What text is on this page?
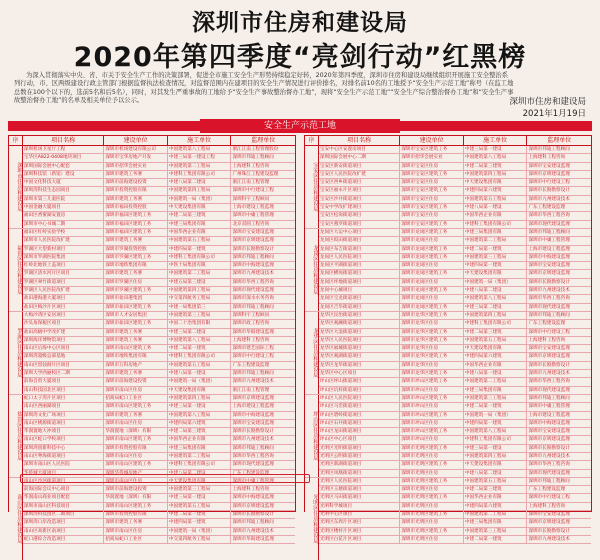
深圳市住房和建设局
2020年第四季度“亮剑行动”红黑榜
为深入贯彻落实中央、省、市关于安全生产工作的决策部署，促进全市施工安全生产形势持续稳定好转，2020年第四季度，深圳市住房和建设局继续组织开展施工安全整治系列行动，市、区两级建设行政主管部门根据监督执法检查情况，对监督范围内在建项目的安全生产情况进行评价排名，对排名前10名的工地授予“安全生产示范工地”称号（在监工地总数在100个以下的，选前5名和后5名），同时，对其发生严重事故的工地给予“安全生产事故整治督办工地”，现将“安全生产示范工地”“安全生产综合整治督办工地”和“安全生产事故整治督办工地”的名单及相关单位予以公示。	深圳市住房和建设局
2021年1月19日
安全生产示范工地
序	项目名称	建设单位	施工单位	监理单位
深圳机场卫星厅工程	深圳市机场建设有限公司	中国建筑第八工程局	浙江江南工程管理股份
宝华区A822-0408地块项目	深圳市宝华房地产开发	中建三局第一建设工程	深圳市邦迪工程顾问
深圳国际会展中心配套	深圳市招华会展实业	中国建筑第二工程局	上海建科工程咨询
深圳科技馆（新馆）建设	深圳市建筑工务署	中建科工集团有限公司	广州珠江工程建设监理
中国文化科技大厦	深圳市前海建设投资	中建八局第二建设	浙江江南工程管理
深圳湾科技生态园项目	深圳市投资控股有限	中国建筑第四工程局	深圳市中行建设工程
深圳市第三儿童医院	深圳市建筑工务署	中国建筑一局（集团）	深圳科宇工程顾问
中国金融大厦项目	深圳市福田投资控股	中天建设集团有限	上海市建设工程监理
福田区香蜜湖安置房	深圳市福田区建筑工务	中建二局第三建筑	深圳市中庸工程管理
深圳市中心书城二期	深圳市福田区建筑工务	中建三局集团有限	北京双圆工程咨询
福田区红岭实验学校	深圳市福田区建筑工务	中国华西企业有限	深圳市宝安建设监理
深圳市人民医院改扩建	深圳市建筑工务署	中国建筑第五工程局	深圳市京圳建设监理
罗湖区大望新村项目	深圳市罗湖投资控股	中建四局第一建筑	深圳市长勘勘察设计
深圳市罗湖医院集团	深圳市罗湖区建筑工务	中建科工集团有限公司	深圳市邦迪工程顾问
红岭北地铁上盖项目	深圳市地铁集团有限	中铁十局集团有限	深圳市中海建设监理
罗湖区清水河片区项目	深圳市建筑工务署	中国建筑第二工程局	深圳市九州建设技术
罗湖区翠竹街道项目	深圳市罗湖区住房	中建五局第三建设	深圳市华西工程咨询
罗湖区人民医院改扩建	深圳市罗湖区建筑工务	中国建筑第四工程局	深圳市现代建设监理
盐田港海港大厦项目	深圳市盐田港集团	中交第四航务工程局	深圳市深水水务咨询
盐田区梅沙片区项目	深圳市盐田区建筑工务	中建一局集团第三	深圳市邦迪工程顾问
大梅沙湾区安居项目	深圳市人才安居集团	中国建筑第三工程局	深圳科宇工程顾问
沙头角保税区项目	深圳市盐田区建筑工务	中国二十冶集团有限	深圳市政工程咨询
盐田高级中学改扩建	深圳市建筑工务署	中建三局第二建设	深圳市华阳建设监理
深圳海洋博物馆项目	深圳市建筑工务署	中国建筑第八工程局	上海建科工程咨询
南山区后海中心区项目	深圳市南山区建筑工务	中建二局第一建筑	深圳市建艺国际工程
深圳湾超级总部基地	深圳市地铁集团有限	中建科工集团有限公司	深圳市中行建设工程
南山区留仙洞片区项目	深圳市万科房地产	中国建筑第五工程局	广东工程建设监理
深圳大学西丽校区二期	深圳市建筑工务署	中建八局第一建设	深圳市邦迪工程顾问
前海自贸大厦项目	深圳市前海建设投资	中国建筑一局（集团）	深圳市九州建设技术
南山科技园北区项目	深圳市南山区住房	中天建设集团有限	浙江江南工程管理
蛇口太子湾片区项目	招商局蛇口工业区	中国建筑第四工程局	深圳市京圳建设监理
南山区西丽湖项目	深圳市南山区建筑工务	中建三局第一建设	上海市建设工程监理
深圳湾文化广场项目	深圳市建筑工务署	中国建筑第八工程局	深圳市中海建设监理
南山区桃源街道项目	深圳市南山区住房	中建四局第六建筑	深圳市宝安建设监理
华润置地大冲项目	华润置地（深圳）有限	中建二局第三建筑	深圳市长勘勘察设计
南山区蛇口学校项目	深圳市南山区建筑工务	中国华西企业有限	深圳市九州建设技术
深圳湾创新科技中心	深圳市投资控股有限	中建三局集团有限	深圳市邦迪工程顾问
南山区粤海街道项目	深圳市南山区住房	中国建筑第二工程局	深圳市华西工程咨询
深圳市南山区人民医院	深圳市南山区建筑工务	中建科工集团有限公司	深圳市现代建设监理
华侨城大厦项目	深圳华侨城房地产	中建八局第二建设	广东工程建设监理
南山区沙河街道项目	深圳市南山区住房	中天建设集团有限	深圳市中庸工程管理
前海国际会议中心项目	深圳市前海建设投资	中国建筑第三工程局	上海建科工程咨询
华润南山商业项目配套	华润置地（深圳）有限	中建三局第一建设	深圳市中海建设监理
深圳市南山区科技项目	深圳市南山区建筑工务	中国建筑第五工程局	深圳市京圳建设监理
深圳湾科技园区二期项目	深圳市投资控股有限	中建二局第一建筑	深圳市长勘勘察设计
深圳湾口岸改造项目	深圳市建筑工务署	中建四局第一建筑	深圳市邦迪工程顾问
南山区高新区南项目	深圳市南山区住房	中国建筑一局（集团）	深圳市九州建设技术
蛇口港综合改造项目	招商局蛇口工业区	中交第四航务工程局	深圳市华阳建设监理
深圳市住房和建设局
福田区住房和建设局
罗湖区住房和建设局
盐田区住房和建设局
南山区住房和建设局
序	项目名称	建设单位	施工单位	监理单位
宝安中心区安置房项目	深圳市宝安区建筑工务	中建三局第一建设	深圳市邦迪工程顾问
深圳国际会展中心二期	深圳市招华会展实业	中国建筑第八工程局	上海建科工程咨询
宝安区新安街道项目	深圳市宝安区住房	中建二局第三建筑	深圳市宝安建设监理
宝安区人民医院改扩建	深圳市宝安区建筑工务	中国建筑第四工程局	深圳市京圳建设监理
宝安区西乡街道项目	深圳市宝安区住房	中天建设集团有限	深圳市中行建设工程
宝安区福永片区项目	深圳市宝安区建筑工务	中建四局第六建筑	深圳市长勘勘察设计
宝安区沙井街道项目	深圳市宝安区住房	中国建筑第五工程局	深圳市九州建设技术
宝安中学改扩建项目	深圳市宝安区建筑工务	中建八局第一建设	广东工程建设监理
宝安区松岗街道项目	深圳市宝安区住房	中国华西企业有限	深圳市华西工程咨询
宝安区燕罗街道项目	深圳市宝安区建筑工务	中建科工集团有限公司	深圳市现代建设监理
龙岗区大运中心项目	深圳市龙岗区建筑工务	中建三局集团有限	深圳市邦迪工程顾问
龙岗区坂田街道项目	深圳市龙岗区住房	中国建筑第二工程局	深圳市中庸工程管理
龙岗区布吉街道项目	深圳市龙岗区建筑工务	中建二局第一建筑	上海市建设工程监理
龙岗区人民医院项目	深圳市龙岗区建筑工务	中国建筑第三工程局	深圳市中海建设监理
龙岗区平湖街道项目	深圳市龙岗区住房	中建四局第一建筑	深圳市宝安建设监理
龙岗区横岗街道项目	深圳市龙岗区建筑工务	中天建设集团有限	深圳市京圳建设监理
龙岗区坪地街道项目	深圳市龙岗区住房	中国建筑一局（集团）	深圳市长勘勘察设计
龙岗中心城项目	深圳市龙岗区建筑工务	中建八局第二建设	深圳市九州建设技术
龙岗区宝龙街道项目	深圳市龙岗区住房	中国建筑第八工程局	深圳市华西工程咨询
龙岗区吉华街道项目	深圳市龙岗区建筑工务	中建三局第二建设	深圳市现代建设监理
龙华区民治街道项目	深圳市龙华区建筑工务	中国建筑第四工程局	深圳市邦迪工程顾问
龙华区观澜街道项目	深圳市龙华区住房	中建科工集团有限公司	广东工程建设监理
龙华区大浪街道项目	深圳市龙华区建筑工务	中建二局第三建筑	深圳市中行建设工程
龙华区人民医院项目	深圳市龙华区建筑工务	中国建筑第五工程局	上海建科工程咨询
龙华区福城街道项目	深圳市龙华区住房	中天建设集团有限	深圳市宝安建设监理
龙华区观湖街道项目	深圳市龙华区建筑工务	中建四局第六建筑	深圳市京圳建设监理
龙华区龙华街道项目	深圳市龙华区住房	中国华西企业有限	深圳市长勘勘察设计
龙华区中心区项目	深圳市龙华区建筑工务	中建八局第一建设	深圳市九州建设技术
坪山区坪山街道项目	深圳市坪山区建筑工务	中国建筑第二工程局	深圳市华西工程咨询
坪山区坑梓街道项目	深圳市坪山区住房	中建三局集团有限	深圳市现代建设监理
坪山区人民医院项目	深圳市坪山区建筑工务	中国建筑第三工程局	深圳市邦迪工程顾问
坪山区马峦街道项目	深圳市坪山区住房	中建二局第一建筑	深圳市中庸工程管理
坪山区碧岭街道项目	深圳市坪山区建筑工务	中国建筑一局（集团）	上海市建设工程监理
坪山区石井街道项目	深圳市坪山区住房	中建四局第一建筑	深圳市中海建设监理
坪山区龙田街道项目	深圳市坪山区建筑工务	中国建筑第八工程局	深圳市宝安建设监理
坪山区中心区项目	深圳市坪山区住房	中建科工集团有限公司	深圳市京圳建设监理
光明区光明街道项目	深圳市光明区建筑工务	中建三局第一建设	深圳市长勘勘察设计
光明区公明街道项目	深圳市光明区住房	中国建筑第四工程局	深圳市九州建设技术
光明区新湖街道项目	深圳市光明区建筑工务	中天建设集团有限	深圳市华西工程咨询
光明区凤凰街道项目	深圳市光明区住房	中建八局第二建设	深圳市现代建设监理
光明区人民医院项目	深圳市光明区建筑工务	中国建筑第五工程局	深圳市邦迪工程顾问
光明区玉塘街道项目	深圳市光明区住房	中建二局第三建筑	广东工程建设监理
光明区马田街道项目	深圳市光明区建筑工务	中国华西企业有限	深圳市中行建设工程
光明科学城项目	深圳市光明区住房	中建四局第六建筑	上海建科工程咨询
光明中心区项目	深圳市光明区建筑工务	中国建筑第二工程局	深圳市宝安建设监理
光明区东周片区项目	深圳市光明区住房	中建三局集团有限	深圳市京圳建设监理
光明区楼村片区项目	深圳市光明区建筑工务	中国建筑第三工程局	深圳市长勘勘察设计
光明区白花片区项目	深圳市光明区住房	中建二局第一建筑	深圳市九州建设技术
宝安区住房和建设局
龙岗区住房和建设局
龙华区住房和建设局
坪山区住房和建设局
光明区住房和建设局
